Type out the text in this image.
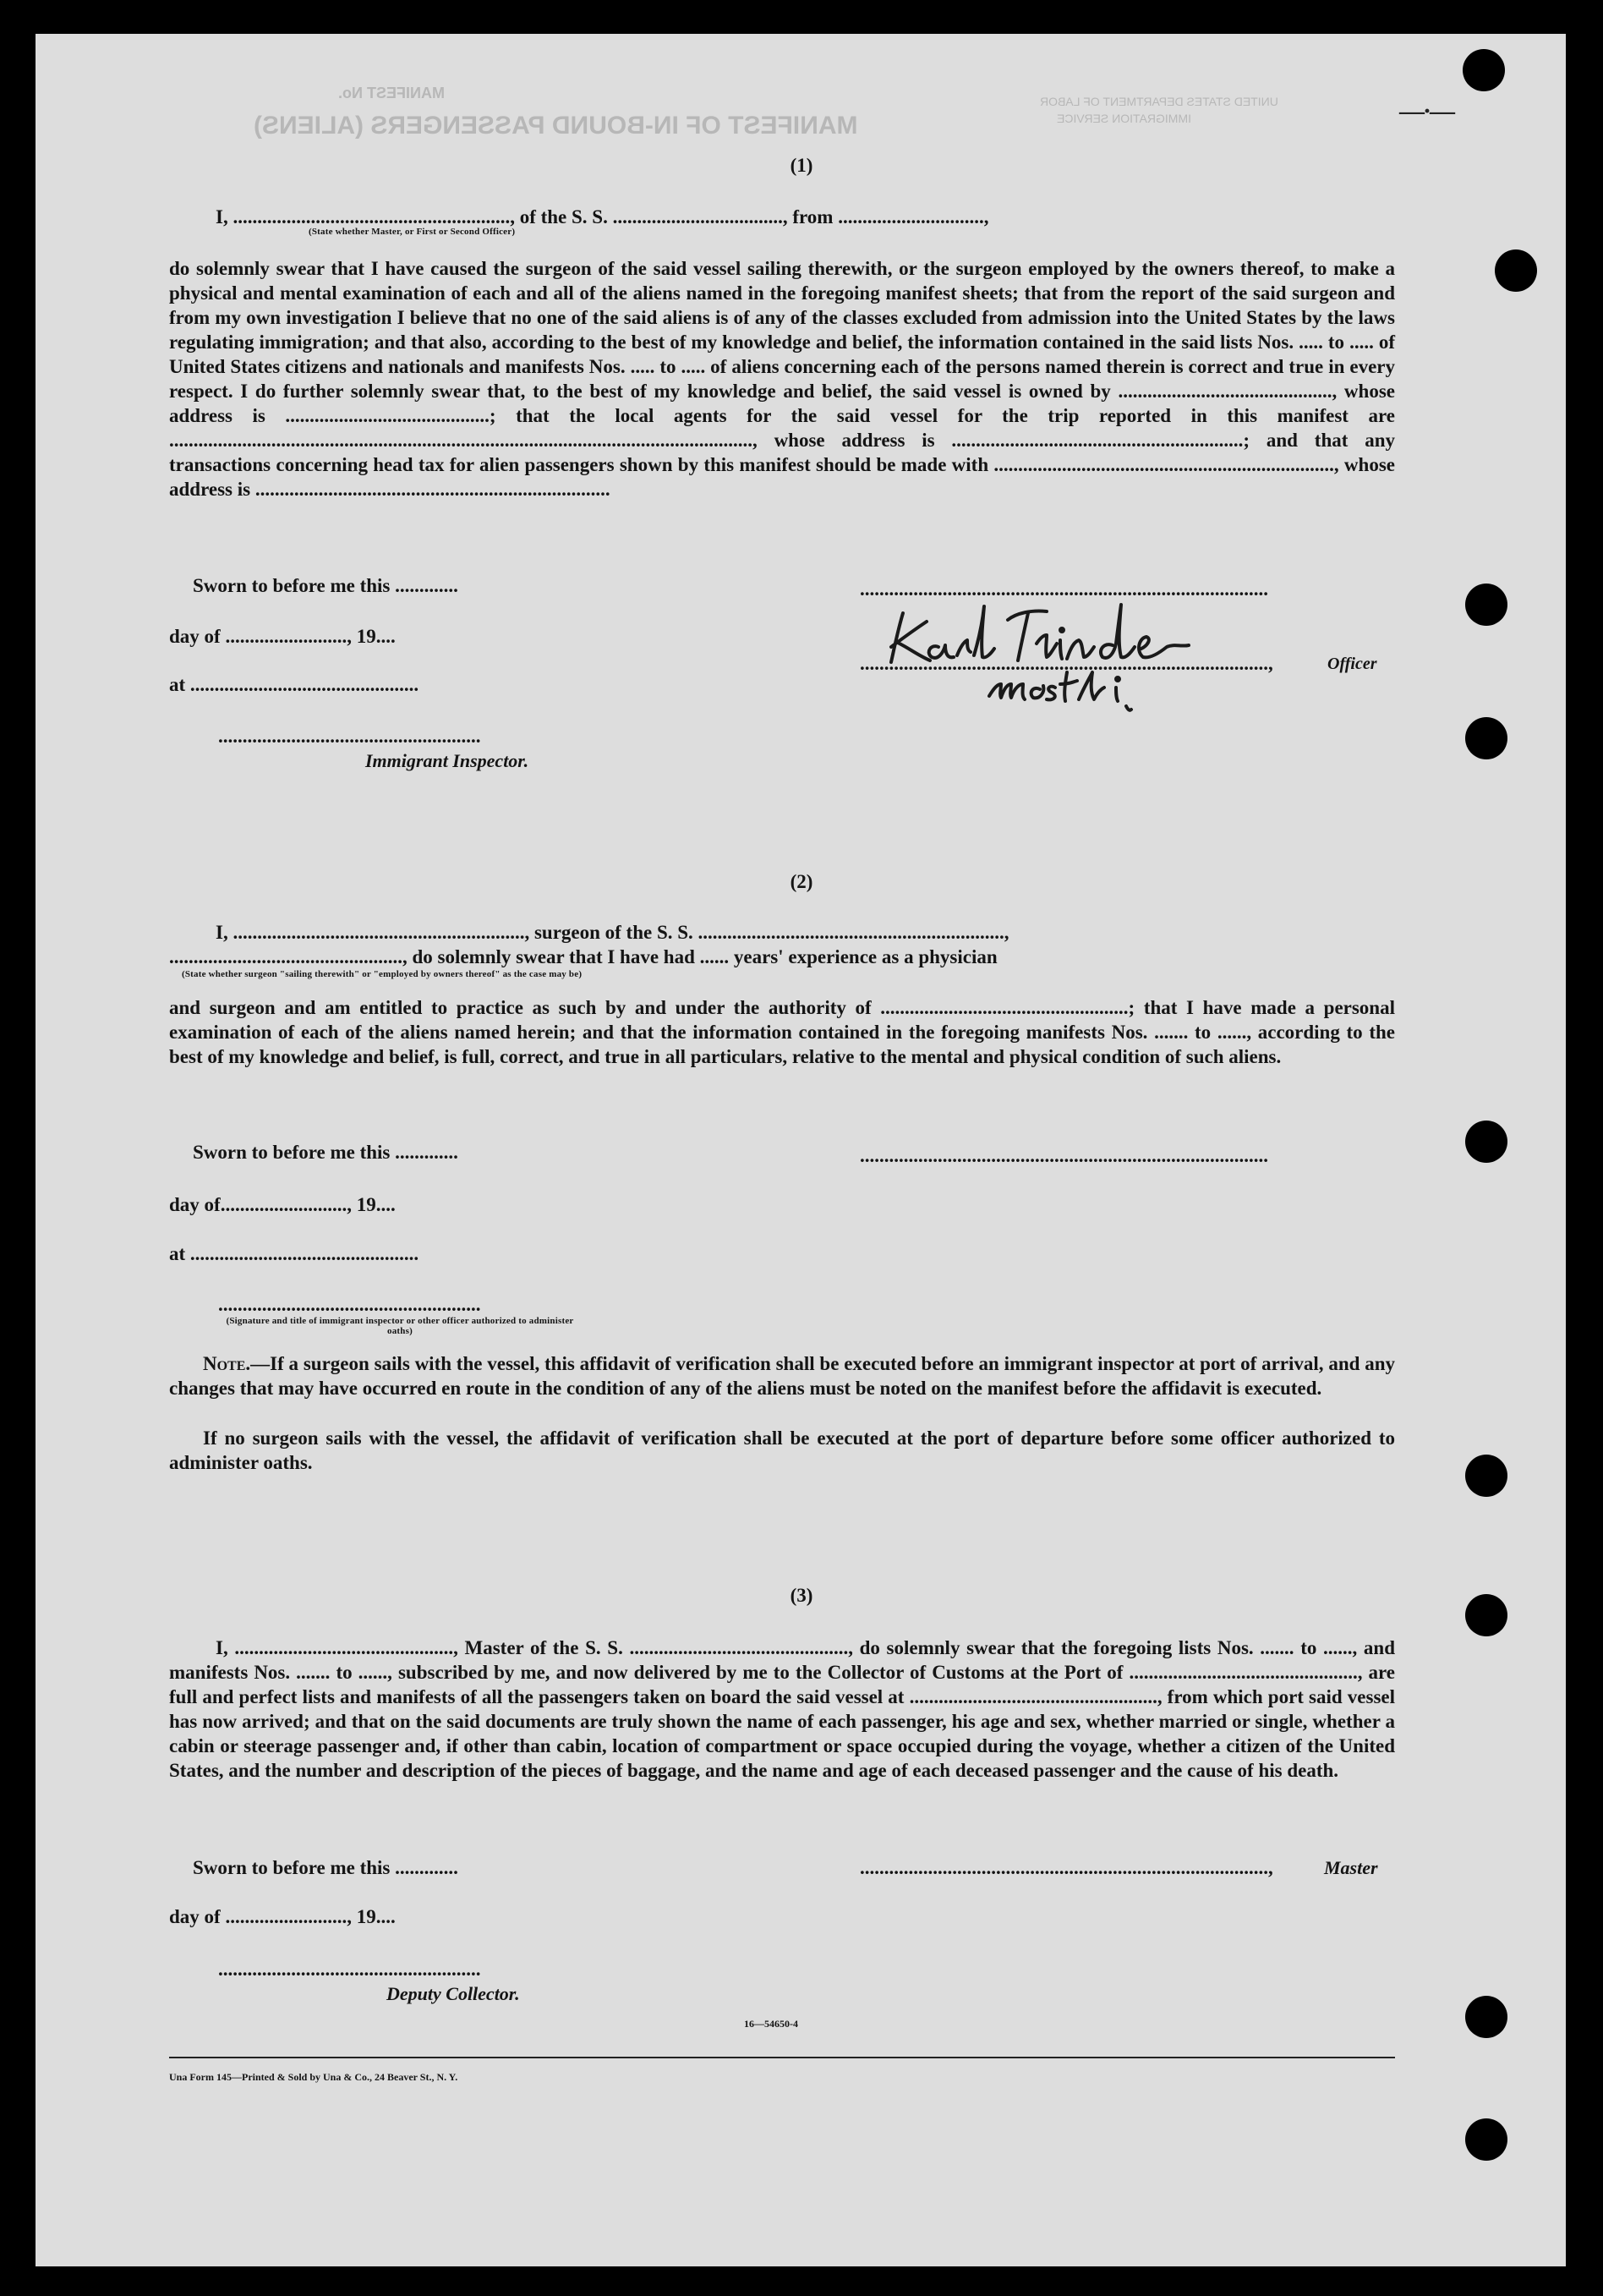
MANIFEST No.
MANIFEST OF IN-BOUND PASSENGERS (ALIENS)
UNITED STATES DEPARTMENT OF LABOR
IMMIGRATION SERVICE	—·—
(1)
I, ........................................................., of the S. S. ..................................., from ..............................,
(State whether Master, or First or Second Officer)
do solemnly swear that I have caused the surgeon of the said vessel sailing therewith, or the surgeon employed by the owners thereof, to make a physical and mental examination of each and all of the aliens named in the foregoing manifest sheets; that from the report of the said surgeon and from my own investigation I believe that no one of the said aliens is of any of the classes excluded from admission into the United States by the laws regulating immigration; and that also, according to the best of my knowledge and belief, the information contained in the said lists Nos. ..... to ..... of United States citizens and nationals and manifests Nos. ..... to ..... of aliens concerning each of the persons named therein is correct and true in every respect. I do further solemnly swear that, to the best of my knowledge and belief, the said vessel is owned by ............................................, whose address is ..........................................; that the local agents for the said vessel for the trip reported in this manifest are ........................................................................................................................, whose address is ............................................................; and that any transactions concerning head tax for alien passengers shown by this manifest should be made with ......................................................................, whose address is .........................................................................
Sworn to before me this .............	....................................................................................
day of ........................., 19....
....................................................................................,	Officer
at ...............................................
......................................................
Immigrant Inspector.
(2)
I, ............................................................, surgeon of the S. S. ...............................................................,
................................................, do solemnly swear that I have had ...... years' experience as a physician
(State whether surgeon "sailing therewith" or "employed by owners thereof" as the case may be)
and surgeon and am entitled to practice as such by and under the authority of ...................................................; that I have made a personal examination of each of the aliens named herein; and that the information contained in the foregoing manifests Nos. ....... to ......, according to the best of my knowledge and belief, is full, correct, and true in all particulars, relative to the mental and physical condition of such aliens.
Sworn to before me this .............	....................................................................................
day of.........................., 19....
at ...............................................
......................................................
(Signature and title of immigrant inspector or other officer authorized to administer oaths)
Note.—If a surgeon sails with the vessel, this affidavit of verification shall be executed before an immigrant inspector at port of arrival, and any changes that may have occurred en route in the condition of any of the aliens must be noted on the manifest before the affidavit is executed.
If no surgeon sails with the vessel, the affidavit of verification shall be executed at the port of departure before some officer authorized to administer oaths.
(3)
I, ............................................., Master of the S. S. ............................................., do solemnly swear that the foregoing lists Nos. ....... to ......, and manifests Nos. ....... to ......, subscribed by me, and now delivered by me to the Collector of Customs at the Port of ..............................................., are full and perfect lists and manifests of all the passengers taken on board the said vessel at ..................................................., from which port said vessel has now arrived; and that on the said documents are truly shown the name of each passenger, his age and sex, whether married or single, whether a cabin or steerage passenger and, if other than cabin, location of compartment or space occupied during the voyage, whether a citizen of the United States, and the number and description of the pieces of baggage, and the name and age of each deceased passenger and the cause of his death.
Sworn to before me this .............	....................................................................................,	Master
day of ........................., 19....
......................................................
Deputy Collector.
16—54650-4
Una Form 145—Printed & Sold by Una & Co., 24 Beaver St., N. Y.
